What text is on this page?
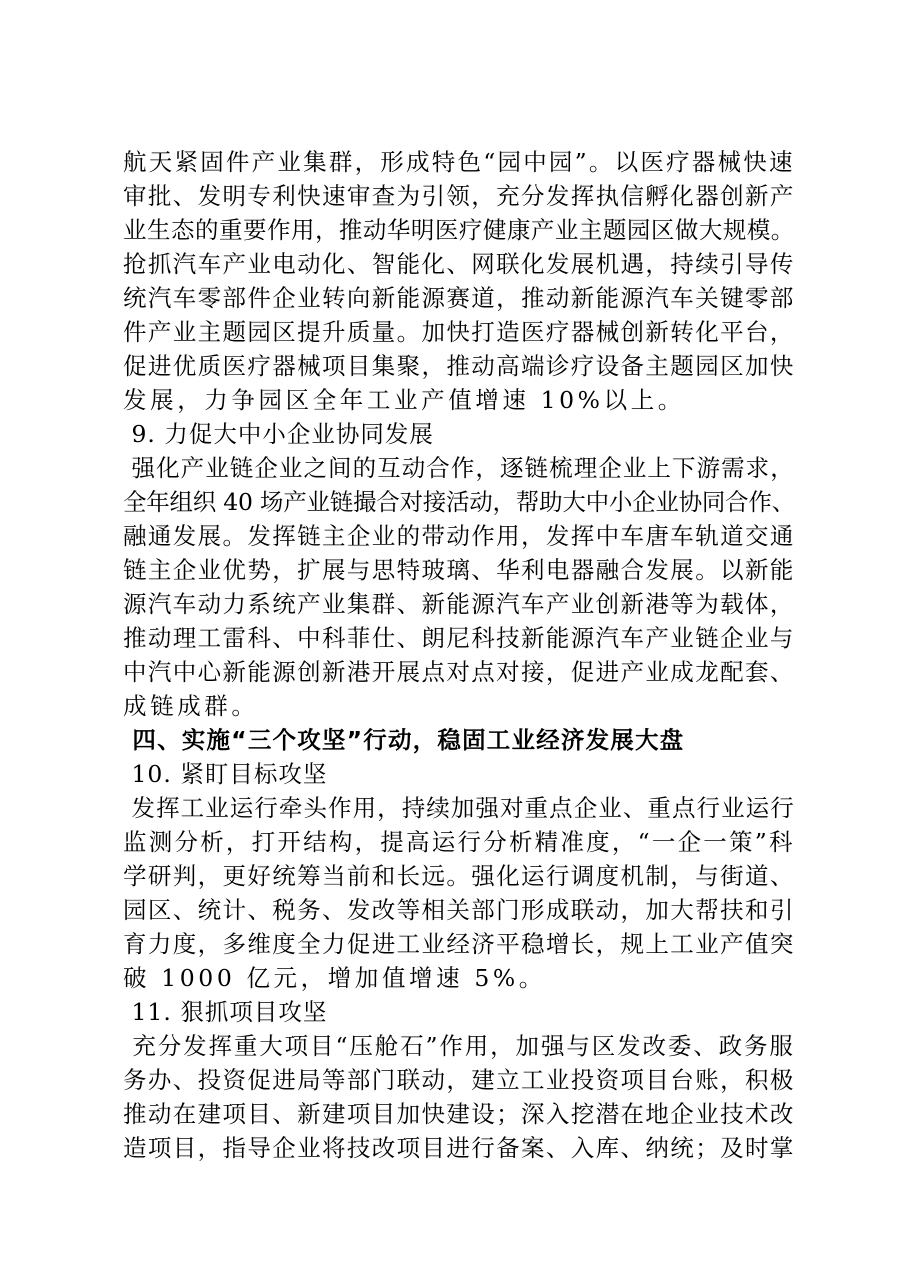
航天紧固件产业集群，形成特色“园中园”。以医疗器械快速
审批、发明专利快速审查为引领，充分发挥执信孵化器创新产
业生态的重要作用，推动华明医疗健康产业主题园区做大规模。
抢抓汽车产业电动化、智能化、网联化发展机遇，持续引导传
统汽车零部件企业转向新能源赛道，推动新能源汽车关键零部
件产业主题园区提升质量。加快打造医疗器械创新转化平台，
促进优质医疗器械项目集聚，推动高端诊疗设备主题园区加快
发展，力争园区全年工业产值增速 10%以上。
9. 力促大中小企业协同发展
强化产业链企业之间的互动合作，逐链梳理企业上下游需求，
全年组织 40 场产业链撮合对接活动，帮助大中小企业协同合作、
融通发展。发挥链主企业的带动作用，发挥中车唐车轨道交通
链主企业优势，扩展与思特玻璃、华利电器融合发展。以新能
源汽车动力系统产业集群、新能源汽车产业创新港等为载体，
推动理工雷科、中科菲仕、朗尼科技新能源汽车产业链企业与
中汽中心新能源创新港开展点对点对接，促进产业成龙配套、
成链成群。
四、实施“三个攻坚”行动，稳固工业经济发展大盘
10. 紧盯目标攻坚
发挥工业运行牵头作用，持续加强对重点企业、重点行业运行
监测分析，打开结构，提高运行分析精准度，“一企一策”科
学研判，更好统筹当前和长远。强化运行调度机制，与街道、
园区、统计、税务、发改等相关部门形成联动，加大帮扶和引
育力度，多维度全力促进工业经济平稳增长，规上工业产值突
破 1000 亿元，增加值增速 5%。
11. 狠抓项目攻坚
充分发挥重大项目“压舱石”作用，加强与区发改委、政务服
务办、投资促进局等部门联动，建立工业投资项目台账，积极
推动在建项目、新建项目加快建设；深入挖潜在地企业技术改
造项目，指导企业将技改项目进行备案、入库、纳统；及时掌
